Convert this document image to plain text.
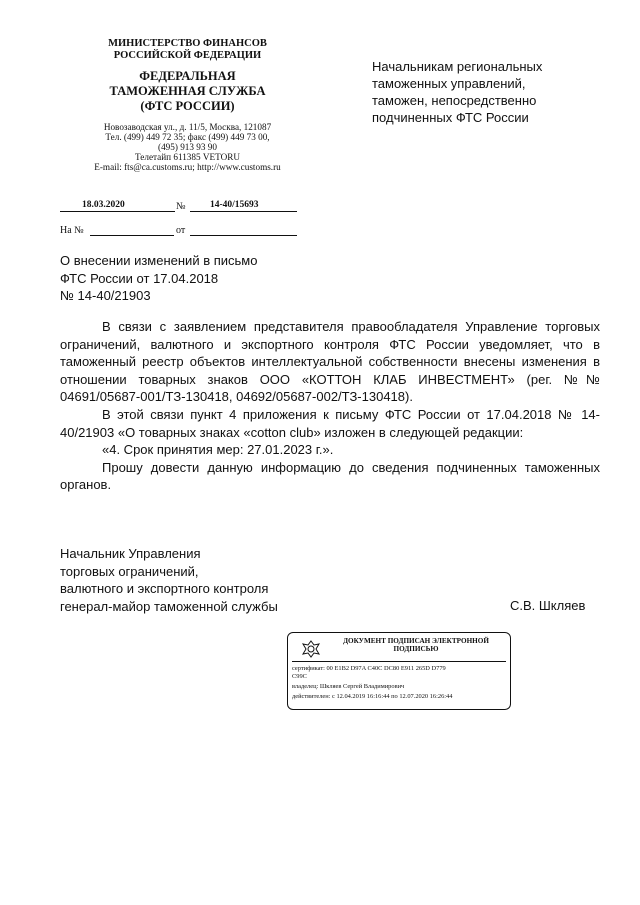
МИНИСТЕРСТВО ФИНАНСОВ
РОССИЙСКОЙ ФЕДЕРАЦИИ
ФЕДЕРАЛЬНАЯ
ТАМОЖЕННАЯ СЛУЖБА
(ФТС РОССИИ)
Новозаводская ул., д. 11/5, Москва, 121087
Тел. (499) 449 72 35; факс (499) 449 73 00,
(495) 913 93 90
Телетайп 611385 VETORU
E-mail: fts@ca.customs.ru; http://www.customs.ru
18.03.2020	№	14-40/15693
На №	от
Начальникам региональных
таможенных управлений,
таможен, непосредственно
подчиненных ФТС России
О внесении изменений в письмо
ФТС России от 17.04.2018
№ 14-40/21903

В связи с заявлением представителя правообладателя Управление торговых ограничений, валютного и экспортного контроля ФТС России уведомляет, что в таможенный реестр объектов интеллектуальной собственности внесены изменения в отношении товарных знаков ООО «КОТТОН КЛАБ ИНВЕСТМЕНТ» (рег. №№ 04691/05687-001/ТЗ-130418, 04692/05687-002/ТЗ-130418).

В этой связи пункт 4 приложения к письму ФТС России от 17.04.2018 № 14-40/21903 «О товарных знаках «cotton club» изложен в следующей редакции:

«4. Срок принятия мер: 27.01.2023 г.».

Прошу довести данную информацию до сведения подчиненных таможенных органов.

Начальник Управления
торговых ограничений,
валютного и экспортного контроля
генерал-майор таможенной службы	С.В. Шкляев
ДОКУМЕНТ ПОДПИСАН ЭЛЕКТРОННОЙ
ПОДПИСЬЮ
сертификат: 00 E1B2 D97A C40C DC80 E911 265D D779
C99C
владелец: Шкляев Сергей Владимирович
действителен: с 12.04.2019 16:16:44 по 12.07.2020 16:26:44
